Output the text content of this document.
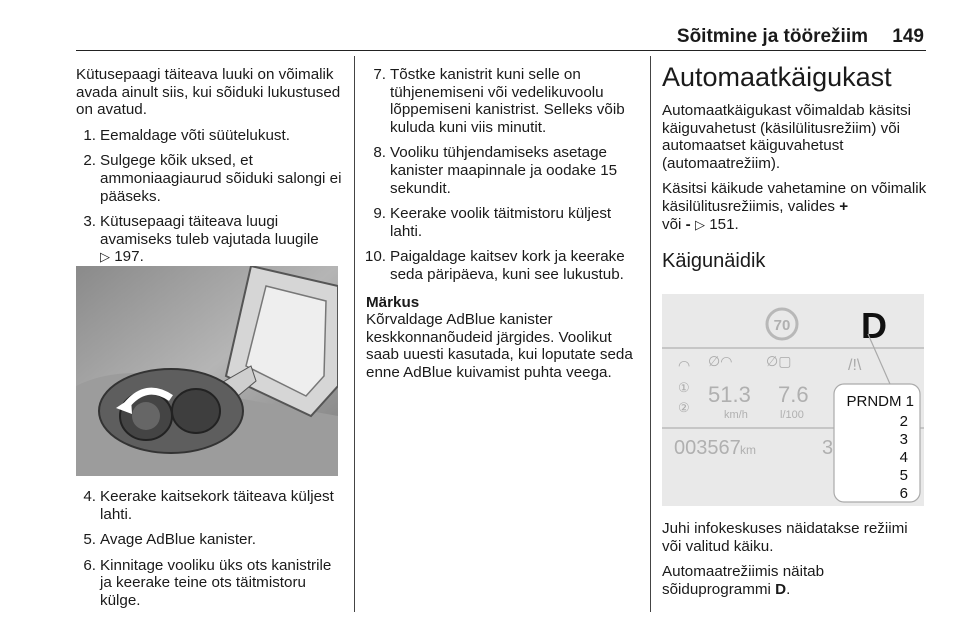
Sõitmine ja töörežiim 149

Kütusepaagi täiteava luuki on võimalik avada ainult siis, kui sõiduki lukustused on avatud.

1. Eemaldage võti süütelukust.
2. Sulgege kõik uksed, et ammoniaagiaurud sõiduki salongi ei pääseks.
3. Kütusepaagi täiteava luugi avamiseks tuleb vajutada luugile
▷ 197.
4. Keerake kaitsekork täiteava küljest lahti.
5. Avage AdBlue kanister.
6. Kinnitage vooliku üks ots kanistrile ja keerake teine ots täitmistoru külge.
7. Tõstke kanistrit kuni selle on tühjenemiseni või vedelikuvoolu lõppemiseni kanistrist. Selleks võib kuluda kuni viis minutit.
8. Vooliku tühjendamiseks asetage kanister maapinnale ja oodake 15 sekundit.
9. Keerake voolik täitmistoru küljest lahti.
10. Paigaldage kaitsev kork ja keerake seda päripäeva, kuni see lukustub.
Märkus

Kõrvaldage AdBlue kanister keskkonnanõudeid järgides. Voolikut saab uuesti kasutada, kui loputate seda enne AdBlue kuivamist puhta veega.

Automaatkäigukast

Automaatkäigukast võimaldab käsitsi käiguvahetust (käsilülitusrežiim) või automaatset käiguvahetust (automaatrežiim).

Käsitsi käikude vahetamine on võimalik käsilülitusrežiimis, valides +
või - ▷ 151.

Käigunäidik
70 D
◠ ∅◠ ∅▢	/!\
①
②
51.3
km/h
7.6
l/100
003567 km	3
PRNDM 1
2
3
4
5
6

Juhi infokeskuses näidatakse režiimi või valitud käiku.

Automaatrežiimis näitab sõiduprogrammi D.
